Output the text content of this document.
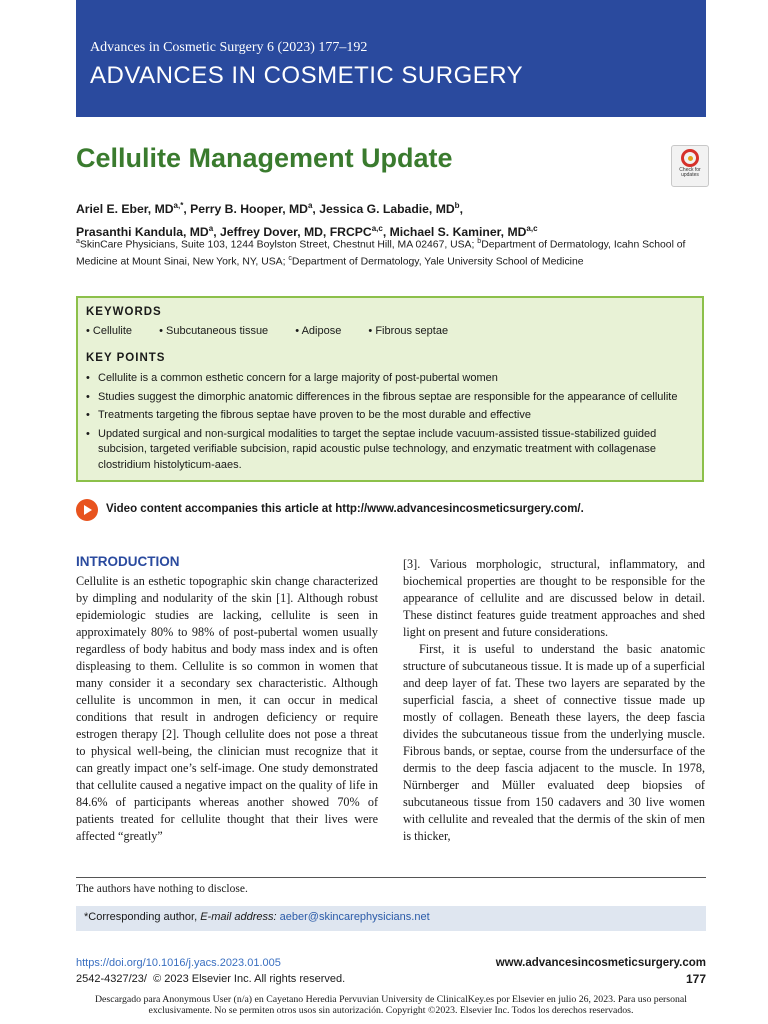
Advances in Cosmetic Surgery 6 (2023) 177–192
ADVANCES IN COSMETIC SURGERY
Cellulite Management Update	Check for updates
Ariel E. Eber, $MD^{a,*}$, Perry B. Hooper, $MD^a$, Jessica G. Labadie, $MD^b$,
Prasanthi Kandula, $MD^a$, Jeffrey Dover, MD, FRCPC$^{a,c}$, Michael S. Kaminer, MD$^{a,c}$
$^a$SkinCare Physicians, Suite 103, 1244 Boylston Street, Chestnut Hill, MA 02467, USA; $^b$Department of Dermatology, Icahn School of Medicine at Mount Sinai, New York, NY, USA; $^c$Department of Dermatology, Yale University School of Medicine
KEYWORDS
• Cellulite • Subcutaneous tissue • Adipose • Fibrous septae
KEY POINTS
• Cellulite is a common esthetic concern for a large majority of post-pubertal women
• Studies suggest the dimorphic anatomic differences in the fibrous septae are responsible for the appearance of cellulite
• Treatments targeting the fibrous septae have proven to be the most durable and effective
• Updated surgical and non-surgical modalities to target the septae include vacuum-assisted tissue-stabilized guided subcision, targeted verifiable subcision, rapid acoustic pulse technology, and enzymatic treatment with collagenase clostridium histolyticum-aaes.
Video content accompanies this article at http://www.advancesincosmeticsurgery.com/.
INTRODUCTION

Cellulite is an esthetic topographic skin change characterized by dimpling and nodularity of the skin [1]. Although robust epidemiologic studies are lacking, cellulite is seen in approximately 80% to 98% of post-pubertal women usually regardless of body habitus and body mass index and is often displeasing to them. Cellulite is so common in women that many consider it a secondary sex characteristic. Although cellulite is uncommon in men, it can occur in medical conditions that result in androgen deficiency or require estrogen therapy [2]. Though cellulite does not pose a threat to physical well-being, the clinician must recognize that it can greatly impact one’s self-image. One study demonstrated that cellulite caused a negative impact on the quality of life in 84.6% of participants whereas another showed 70% of patients treated for cellulite thought that their lives were affected “greatly”

[3]. Various morphologic, structural, inflammatory, and biochemical properties are thought to be responsible for the appearance of cellulite and are discussed below in detail. These distinct features guide treatment approaches and shed light on present and future considerations.

First, it is useful to understand the basic anatomic structure of subcutaneous tissue. It is made up of a superficial and deep layer of fat. These two layers are separated by the superficial fascia, a sheet of connective tissue made up mostly of collagen. Beneath these layers, the deep fascia divides the subcutaneous tissue from the underlying muscle. Fibrous bands, or septae, course from the undersurface of the dermis to the deep fascia adjacent to the muscle. In 1978, Nürnberger and Müller evaluated deep biopsies of subcutaneous tissue from 150 cadavers and 30 live women with cellulite and revealed that the dermis of the skin of men is thicker,

The authors have nothing to disclose.
*Corresponding author, E-mail address: aeber@skincarephysicians.net
https://doi.org/10.1016/j.yacs.2023.01.005
2542-4327/23/  © 2023 Elsevier Inc. All rights reserved.
www.advancesincosmeticsurgery.com
177
Descargado para Anonymous User (n/a) en Cayetano Heredia Pervuvian University de ClinicalKey.es por Elsevier en julio 26, 2023. Para uso personal exclusivamente. No se permiten otros usos sin autorización. Copyright ©2023. Elsevier Inc. Todos los derechos reservados.
